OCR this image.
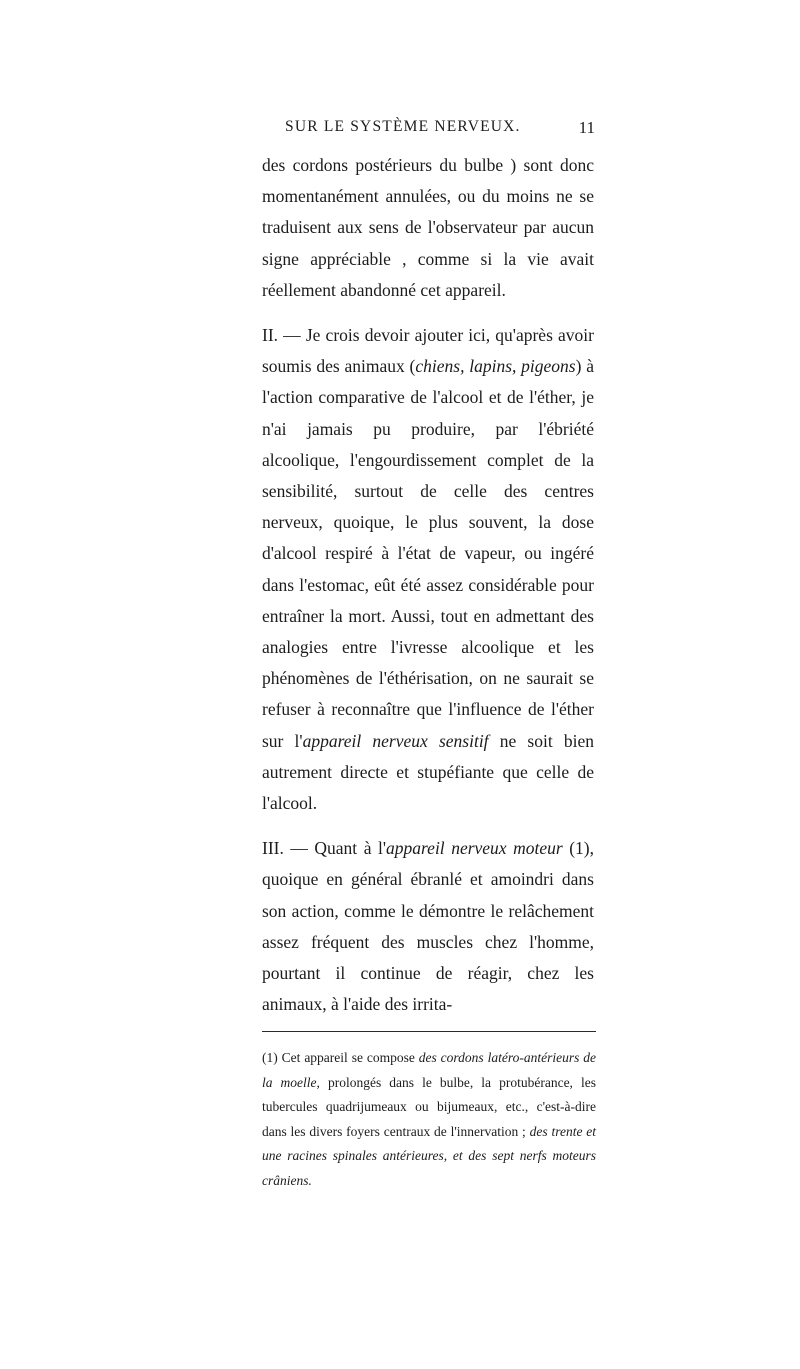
SUR LE SYSTÈME NERVEUX.	11

des cordons postérieurs du bulbe ) sont donc momentanément annulées, ou du moins ne se traduisent aux sens de l'observateur par aucun signe appréciable , comme si la vie avait réellement abandonné cet appareil.

II. — Je crois devoir ajouter ici, qu'après avoir soumis des animaux (chiens, lapins, pigeons) à l'action comparative de l'alcool et de l'éther, je n'ai jamais pu produire, par l'ébriété alcoolique, l'engourdissement complet de la sensibilité, surtout de celle des centres nerveux, quoique, le plus souvent, la dose d'alcool respiré à l'état de vapeur, ou ingéré dans l'estomac, eût été assez considérable pour entraîner la mort. Aussi, tout en admettant des analogies entre l'ivresse alcoolique et les phénomènes de l'éthérisation, on ne saurait se refuser à reconnaître que l'influence de l'éther sur l'appareil nerveux sensitif ne soit bien autrement directe et stupéfiante que celle de l'alcool.

III. — Quant à l'appareil nerveux moteur (1), quoique en général ébranlé et amoindri dans son action, comme le démontre le relâchement assez fréquent des muscles chez l'homme, pourtant il continue de réagir, chez les animaux, à l'aide des irrita-

(1) Cet appareil se compose des cordons latéro-antérieurs de la moelle, prolongés dans le bulbe, la protubérance, les tubercules quadrijumeaux ou bijumeaux, etc., c'est-à-dire dans les divers foyers centraux de l'innervation ; des trente et une racines spinales antérieures, et des sept nerfs moteurs crâniens.
